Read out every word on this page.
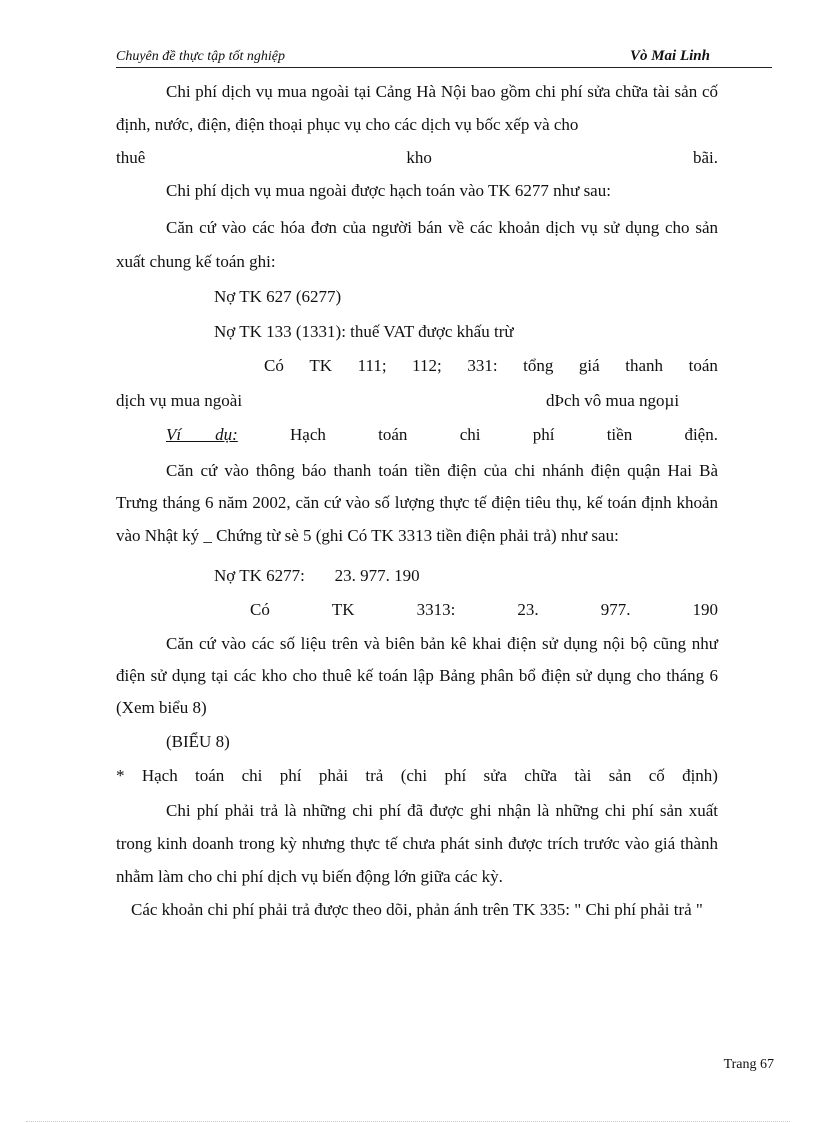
Chuyên đề thực tập tốt nghiệp	Vò Mai Linh

Chi phí dịch vụ mua ngoài tại Cảng Hà Nội bao gồm chi phí sửa chữa tài sản cố định, nước, điện, điện thoại phục vụ cho các dịch vụ bốc xếp và cho

thuê	kho	bãi.

Chi phí dịch vụ mua ngoài được hạch toán vào TK 6277 như sau:

Căn cứ vào các hóa đơn của người bán về các khoản dịch vụ sử dụng cho sản xuất chung kế toán ghi:

Nợ TK 627 (6277)
Nợ TK 133 (1331): thuế VAT được khấu trừ
Có TK 111; 112; 331: tổng giá thanh toán
dịch vụ mua ngoài	dÞch vô mua ngoµi
Ví        dụ:	Hạch	toán	chi	phí	tiền	điện.

Căn cứ vào thông báo thanh toán tiền điện của chi nhánh điện quận Hai Bà Trưng tháng 6 năm 2002, căn cứ vào số lượng thực tế điện tiêu thụ, kế toán định khoản vào Nhật ký _ Chứng từ sè 5 (ghi Có TK 3313 tiền điện phải trả) như sau:

Nợ TK 6277:       23. 977. 190
Có	TK	3313:	23.	977.	190

Căn cứ vào các số liệu trên và biên bản kê khai điện sử dụng nội bộ cũng như điện sử dụng tại các kho cho thuê kế toán lập Bảng phân bổ điện sử dụng cho tháng 6 (Xem biểu 8)

(BIỂU 8)
* Hạch toán chi phí phải trả (chi phí sửa chữa tài sản cố định)

Chi phí phải trả là những chi phí đã được ghi nhận là những chi phí sản xuất trong kinh doanh trong kỳ nhưng thực tế chưa phát sinh được trích trước vào giá thành nhằm làm cho chi phí dịch vụ biến động lớn giữa các kỳ.

Các khoản chi phí phải trả được theo dõi, phản ánh trên TK 335: " Chi phí phải trả "

Trang 67
